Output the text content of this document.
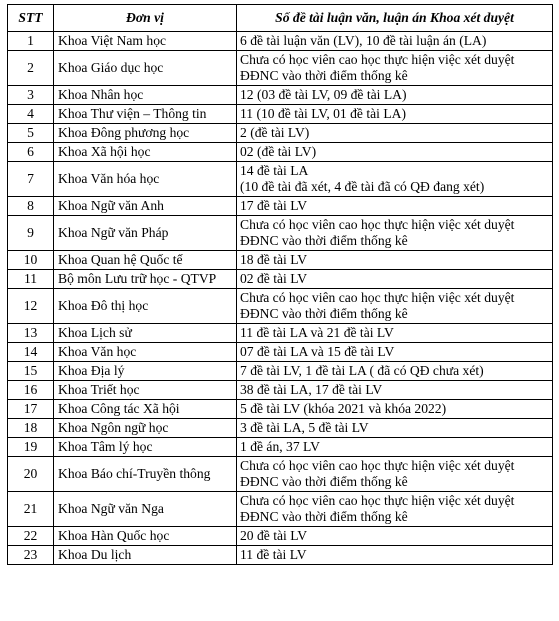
STT	Đơn vị	Số đề tài luận văn, luận án Khoa xét duyệt
1	Khoa Việt Nam học	6 đề tài luận văn (LV), 10 đề tài luận án (LA)

2	Khoa Giáo dục học	Chưa có học viên cao học thực hiện việc xét duyệt
ĐĐNC vào thời điểm thống kê

3	Khoa Nhân học	12 (03 đề tài LV, 09 đề tài LA)

4	Khoa Thư viện – Thông tin	11 (10 đề tài LV, 01 đề tài LA)

5	Khoa Đông phương học	2 (đề tài LV)

6	Khoa Xã hội học	02 (đề tài LV)

7	Khoa Văn hóa học	14 đề tài LA
(10 đề tài đã xét, 4 đề tài đã có QĐ đang xét)

8	Khoa Ngữ văn Anh	17 đề tài LV

9	Khoa Ngữ văn Pháp	Chưa có học viên cao học thực hiện việc xét duyệt
ĐĐNC vào thời điểm thống kê

10	Khoa Quan hệ Quốc tế	18 đề tài LV

11	Bộ môn Lưu trữ học - QTVP	02 đề tài LV

12	Khoa Đô thị học	Chưa có học viên cao học thực hiện việc xét duyệt
ĐĐNC vào thời điểm thống kê

13	Khoa Lịch sử	11 đề tài LA và 21 đề tài LV

14	Khoa Văn học	07 đề tài LA và 15 đề tài LV

15	Khoa Địa lý	7 đề tài LV, 1 đề tài LA ( đã có QĐ chưa xét)

16	Khoa Triết học	38 đề tài LA, 17 đề tài LV

17	Khoa Công tác Xã hội	5 đề tài LV (khóa 2021 và khóa 2022)

18	Khoa Ngôn ngữ học	3 đề tài LA, 5 đề tài LV

19	Khoa Tâm lý học	1 đề án, 37 LV

20	Khoa Báo chí-Truyền thông	Chưa có học viên cao học thực hiện việc xét duyệt
ĐĐNC vào thời điểm thống kê

21	Khoa Ngữ văn Nga	Chưa có học viên cao học thực hiện việc xét duyệt
ĐĐNC vào thời điểm thống kê

22	Khoa Hàn Quốc học	20 đề tài LV

23	Khoa Du lịch	11 đề tài LV
